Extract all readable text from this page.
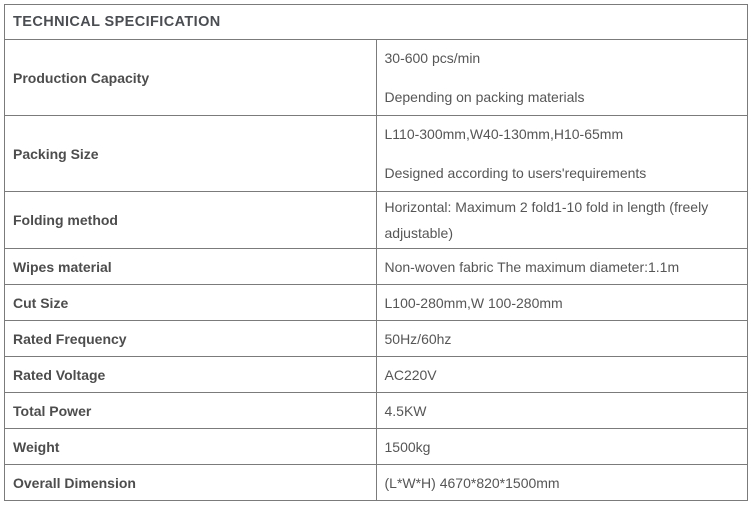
TECHNICAL SPECIFICATION	
Production Capacity	30-600 pcs/min
Depending on packing materials

Packing Size	L110-300mm,W40-130mm,H10-65mm
Designed according to users'requirements

Folding method	Horizontal: Maximum 2 fold1-10 fold in length (freely adjustable)
Wipes material	Non-woven fabric The maximum diameter:1.1m
Cut Size	L100-280mm,W 100-280mm
Rated Frequency	50Hz/60hz
Rated Voltage	AC220V
Total Power	4.5KW
Weight	1500kg
Overall Dimension	(L*W*H) 4670*820*1500mm
